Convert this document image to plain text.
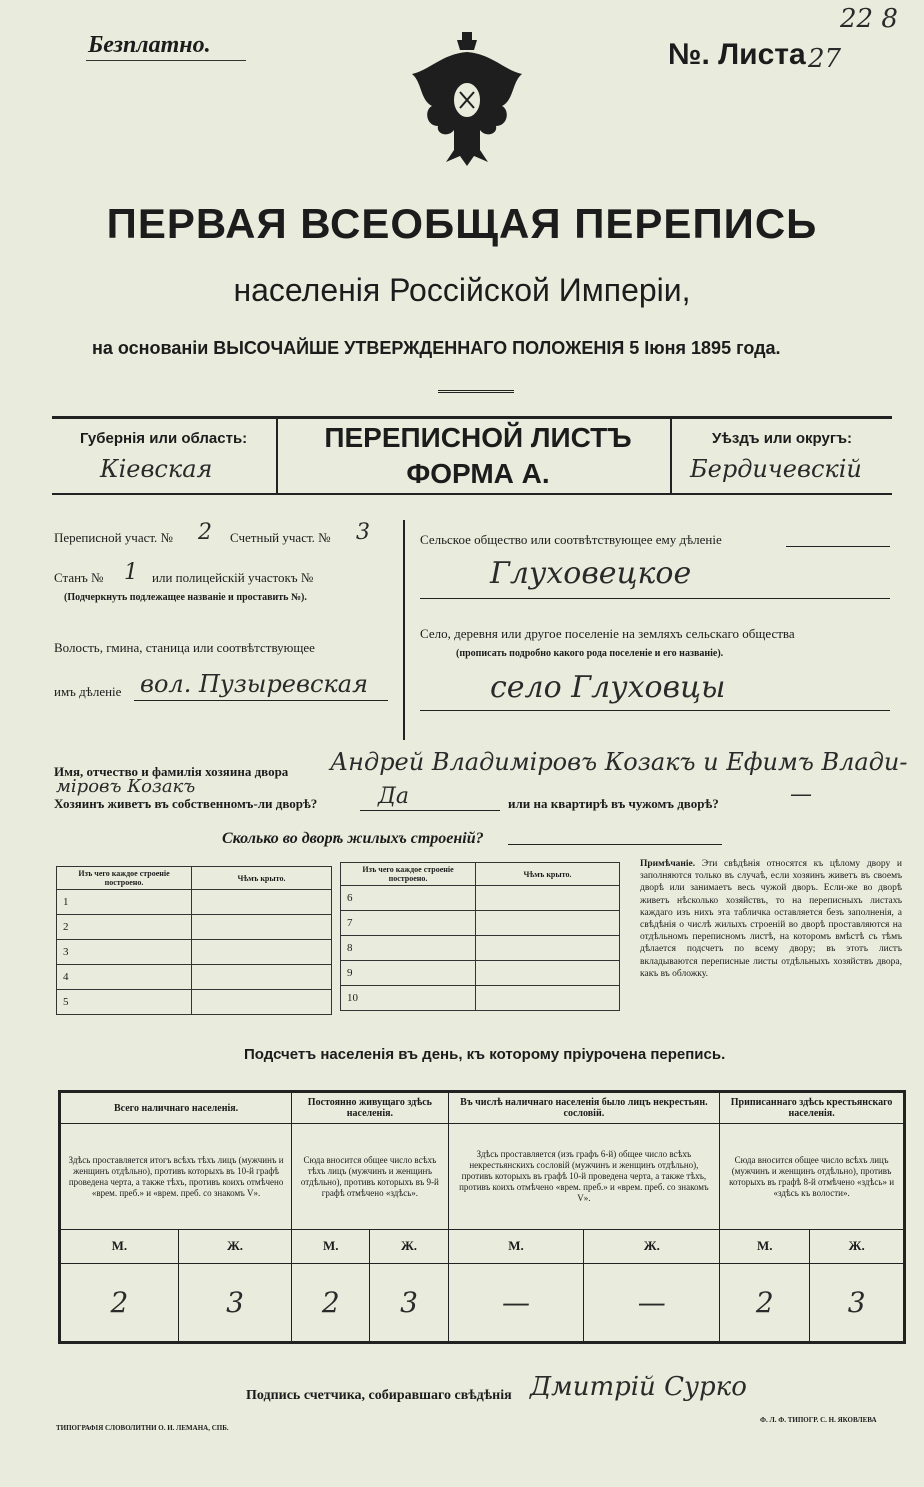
Безплатно.	№. Листа 27
22 8
ПЕРВАЯ ВСЕОБЩАЯ ПЕРЕПИСЬ
населенія Россійской Имперіи,
на основаніи ВЫСОЧАЙШЕ УТВЕРЖДЕННАГО ПОЛОЖЕНІЯ 5 Іюня 1895 года.
Губернія или область:
Кіевская
ПЕРЕПИСНОЙ ЛИСТЪ
ФОРМА А.
Уѣздъ или округъ:
Бердичевскій
Переписной участ. № 2 Счетный участ. № 3
Станъ № 1 или полицейскій участокъ №
(Подчеркнуть подлежащее названіе и проставить №).
Волость, гмина, станица или соотвѣтствующее
имъ дѣленіе вол. Пузыревская
Сельское общество или соотвѣтствующее ему дѣленіе
Глуховецкое
Село, деревня или другое поселеніе на земляхъ сельскаго общества
(прописать подробно какого рода поселеніе и его названіе).
село Глуховцы
Имя, отчество и фамилія хозяина двора Андрей Владиміровъ Козакъ и Ефимъ Влади-
міровъ Козакъ
Хозяинъ живетъ въ собственномъ-ли дворѣ?	Да	или на квартирѣ въ чужомъ дворѣ?	—
Сколько во дворѣ жилыхъ строеній?
Изъ чего каждое строеніе построено.	Чѣмъ крыто.
1	
2	
3	
4	
5	
Изъ чего каждое строеніе построено.	Чѣмъ крыто.
6	
7	
8	
9	
10	
Примѣчаніе. Эти свѣдѣнія относятся къ цѣлому двору и заполняются только въ случаѣ, если хозяинъ живетъ въ своемъ дворѣ или занимаетъ весь чужой дворъ. Если-же во дворѣ живетъ нѣсколько хозяйствъ, то на переписныхъ листахъ каждаго изъ нихъ эта табличка оставляется безъ заполненія, а свѣдѣнія о числѣ жилыхъ строеній во дворѣ проставляются на отдѣльномъ переписномъ листѣ, на которомъ вмѣстѣ съ тѣмъ дѣлается подсчетъ по всему двору; въ этотъ листъ вкладываются переписные листы отдѣльныхъ хозяйствъ двора, какъ въ обложку.
Подсчетъ населенія въ день, къ которому пріурочена перепись.
Всего наличнаго населенія.		Постоянно живущаго здѣсь населенія.		Въ числѣ наличнаго населенія было лицъ некрестьян. сословій.		Приписаннаго здѣсь крестьянскаго населенія.	
Здѣсь проставляется итогъ всѣхъ тѣхъ лицъ (мужчинъ и женщинъ отдѣльно), противъ которыхъ въ 10-й графѣ проведена черта, а также тѣхъ, противъ коихъ отмѣчено «врем. преб.» и «врем. преб. со знакомъ V».		Сюда вносится общее число всѣхъ тѣхъ лицъ (мужчинъ и женщинъ отдѣльно), противъ которыхъ въ 9-й графѣ отмѣчено «здѣсь».		Здѣсь проставляется (изъ графъ 6-й) общее число всѣхъ некрестьянскихъ сословій (мужчинъ и женщинъ отдѣльно), противъ которыхъ въ графѣ 10-й проведена черта, а также тѣхъ, противъ коихъ отмѣчено «врем. преб.» и «врем. преб. со знакомъ V».		Сюда вносится общее число всѣхъ лицъ (мужчинъ и женщинъ отдѣльно), противъ которыхъ въ графѣ 8-й отмѣчено «здѣсь» и «здѣсь къ волости».	
М.	Ж.	М.	Ж.	М.	Ж.	М.	Ж.
2	3	2	3	—	—	2	3
Подпись счетчика, собиравшаго свѣдѣнія Дмитрій Сурко
ТИПОГРАФІЯ СЛОВОЛИТНИ О. И. ЛЕМАНА, СПБ.
Ф. Л. Ф. ТИПОГР. С. Н. ЯКОВЛЕВА
